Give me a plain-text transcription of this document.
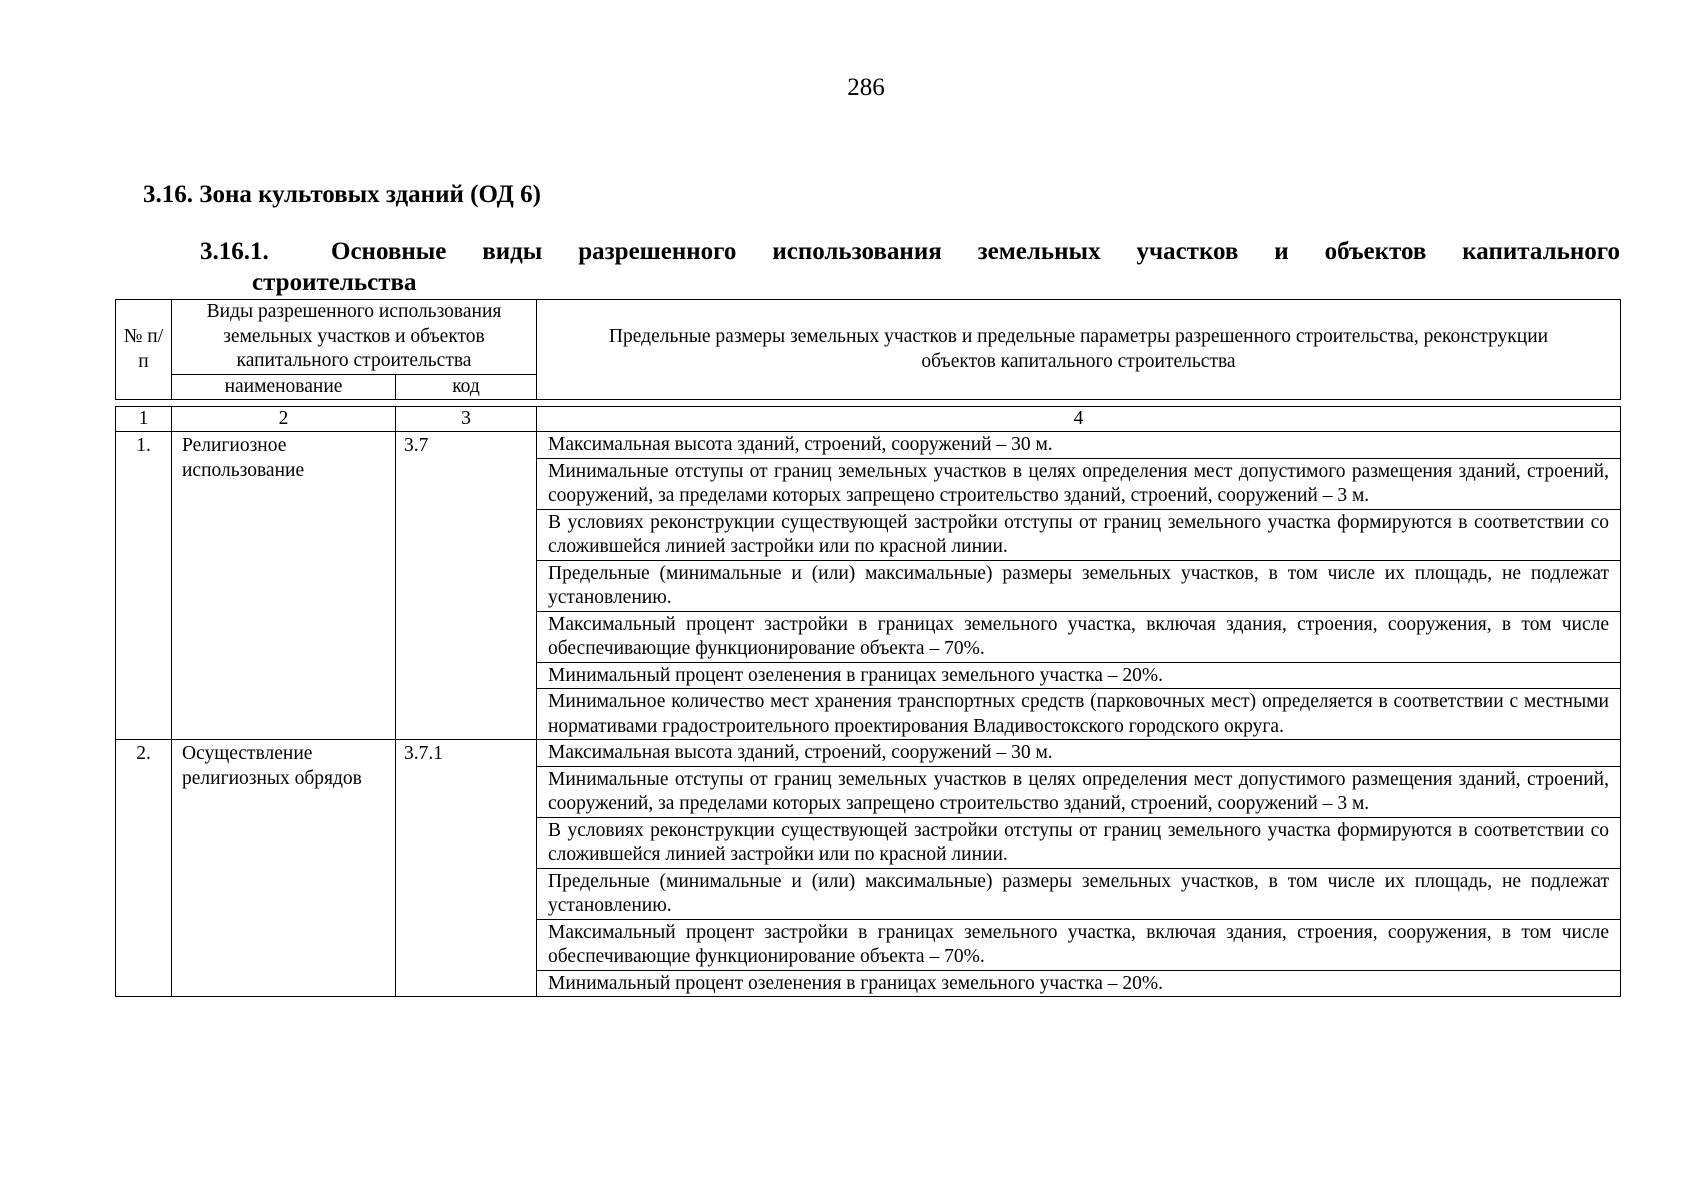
286
3.16. Зона культовых зданий (ОД 6)
3.16.1.	Основные виды разрешенного использования земельных участков и объектов капитального
строительства
№ п/п	Виды разрешенного использования земельных участков и объектов капитального строительства		Предельные размеры земельных участков и предельные параметры разрешенного строительства, реконструкции объектов капитального строительства
	наименование	код	
1	2	3	4
1.	Религиозное использование	3.7	Максимальная высота зданий, строений, сооружений – 30 м.
			Минимальные отступы от границ земельных участков в целях определения мест допустимого размещения зданий, строений, сооружений, за пределами которых запрещено строительство зданий, строений, сооружений – 3 м.
			В условиях реконструкции существующей застройки отступы от границ земельного участка формируются в соответствии со сложившейся линией застройки или по красной линии.
			Предельные (минимальные и (или) максимальные) размеры земельных участков, в том числе их площадь, не подлежат установлению.
			Максимальный процент застройки в границах земельного участка, включая здания, строения, сооружения, в том числе обеспечивающие функционирование объекта – 70%.
			Минимальный процент озеленения в границах земельного участка – 20%.
			Минимальное количество мест хранения транспортных средств (парковочных мест) определяется в соответствии с местными нормативами градостроительного проектирования Владивостокского городского округа.
2.	Осуществление религиозных обрядов	3.7.1	Максимальная высота зданий, строений, сооружений – 30 м.
			Минимальные отступы от границ земельных участков в целях определения мест допустимого размещения зданий, строений, сооружений, за пределами которых запрещено строительство зданий, строений, сооружений – 3 м.
			В условиях реконструкции существующей застройки отступы от границ земельного участка формируются в соответствии со сложившейся линией застройки или по красной линии.
			Предельные (минимальные и (или) максимальные) размеры земельных участков, в том числе их площадь, не подлежат установлению.
			Максимальный процент застройки в границах земельного участка, включая здания, строения, сооружения, в том числе обеспечивающие функционирование объекта – 70%.
			Минимальный процент озеленения в границах земельного участка – 20%.
